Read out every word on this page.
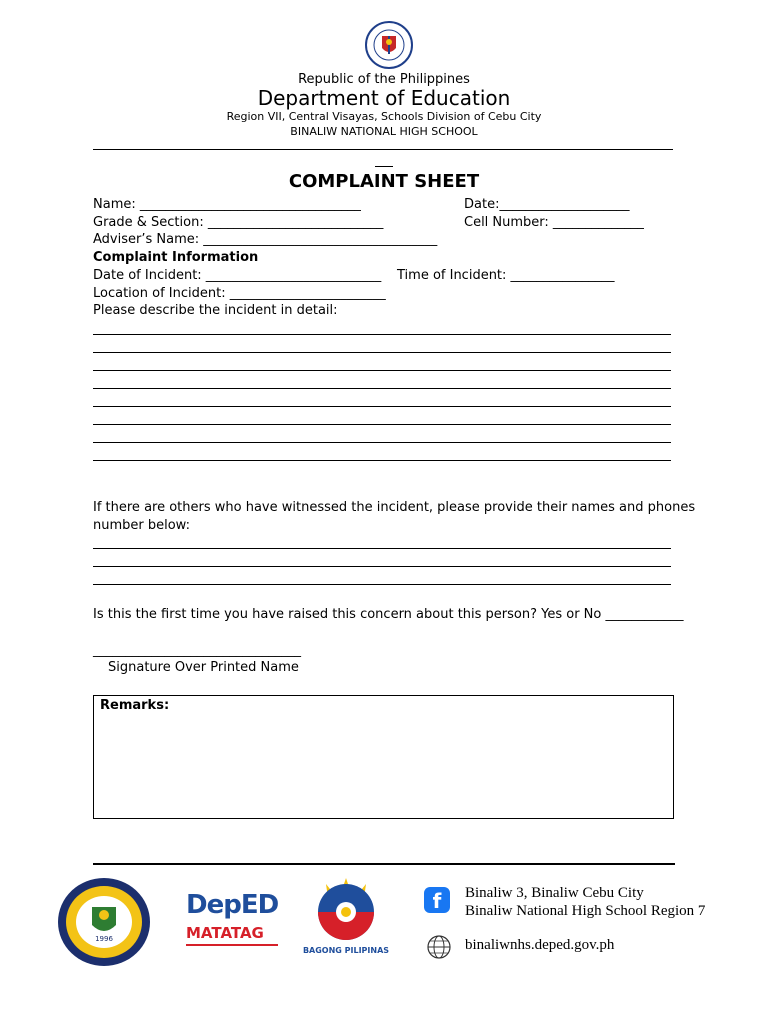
Republic of the Philippines
Department of Education
Region VII, Central Visayas, Schools Division of Cebu City
BINALIW NATIONAL HIGH SCHOOL
COMPLAINT SHEET
Name: __________________________________	Date:____________________
Grade & Section: ___________________________	Cell Number: ______________
Adviser’s Name: ____________________________________
Complaint Information
Date of Incident: ___________________________ Time of Incident: ________________
Location of Incident: ________________________
Please describe the incident in detail:
If there are others who have witnessed the incident, please provide their names and phones
number below:
Is this the first time you have raised this concern about this person? Yes or No ____________
________________________________
Signature Over Printed Name
Remarks:
1996
DepED
MATATAG
BAGONG PILIPINAS
f	Binaliw 3, Binaliw Cebu City
Binaliw National High School Region 7
binaliwnhs.deped.gov.ph
